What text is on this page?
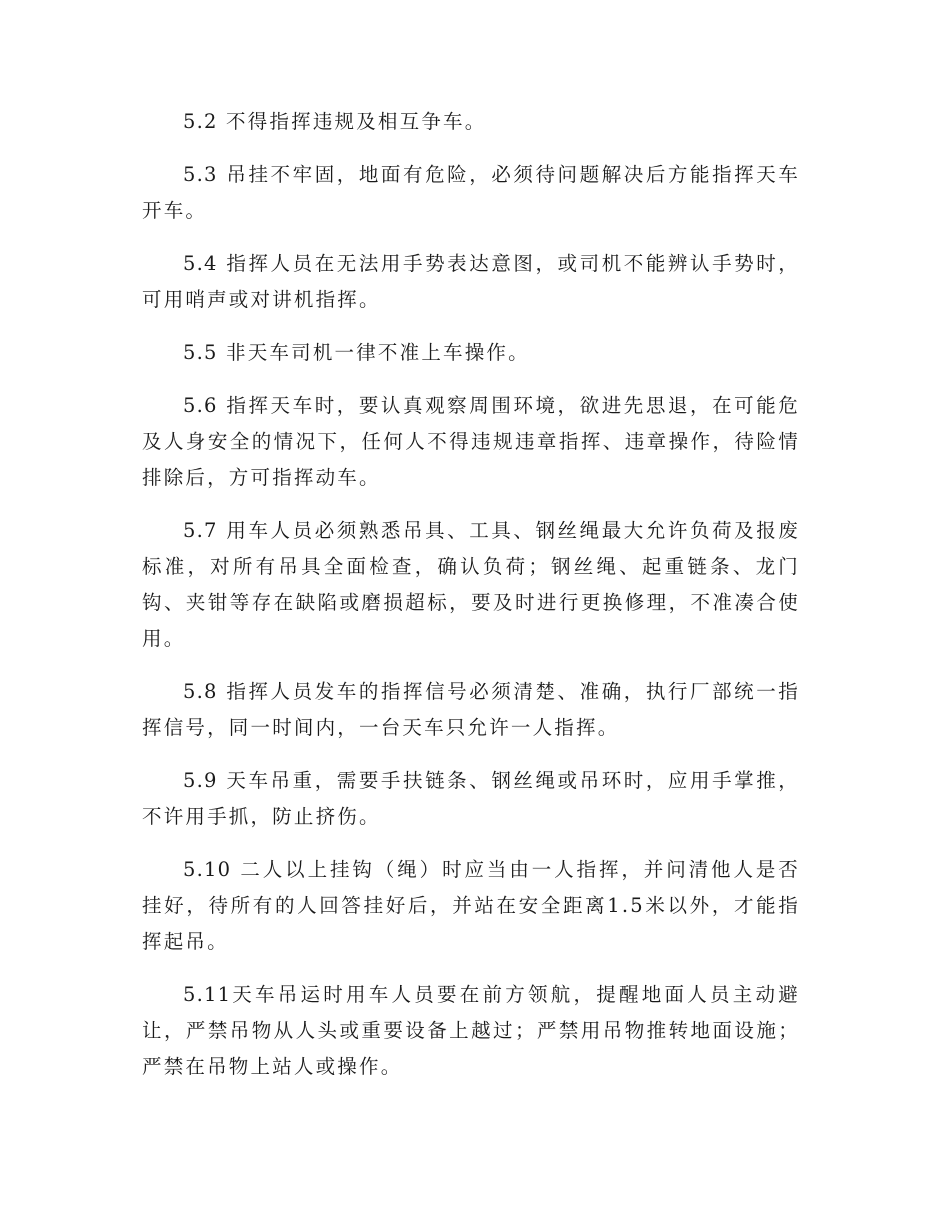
5.2 不得指挥违规及相互争车。

5.3 吊挂不牢固，地面有危险，必须待问题解决后方能指挥天车开车。

5.4 指挥人员在无法用手势表达意图，或司机不能辨认手势时，可用哨声或对讲机指挥。

5.5 非天车司机一律不准上车操作。

5.6 指挥天车时，要认真观察周围环境，欲进先思退，在可能危及人身安全的情况下，任何人不得违规违章指挥、违章操作，待险情排除后，方可指挥动车。

5.7 用车人员必须熟悉吊具、工具、钢丝绳最大允许负荷及报废标准，对所有吊具全面检查，确认负荷；钢丝绳、起重链条、龙门钩、夹钳等存在缺陷或磨损超标，要及时进行更换修理，不准凑合使用。

5.8 指挥人员发车的指挥信号必须清楚、准确，执行厂部统一指挥信号，同一时间内，一台天车只允许一人指挥。

5.9 天车吊重，需要手扶链条、钢丝绳或吊环时，应用手掌推，不许用手抓，防止挤伤。

5.10 二人以上挂钩（绳）时应当由一人指挥，并问清他人是否挂好，待所有的人回答挂好后，并站在安全距离1.5米以外，才能指挥起吊。

5.11天车吊运时用车人员要在前方领航，提醒地面人员主动避让，严禁吊物从人头或重要设备上越过；严禁用吊物推转地面设施；严禁在吊物上站人或操作。
